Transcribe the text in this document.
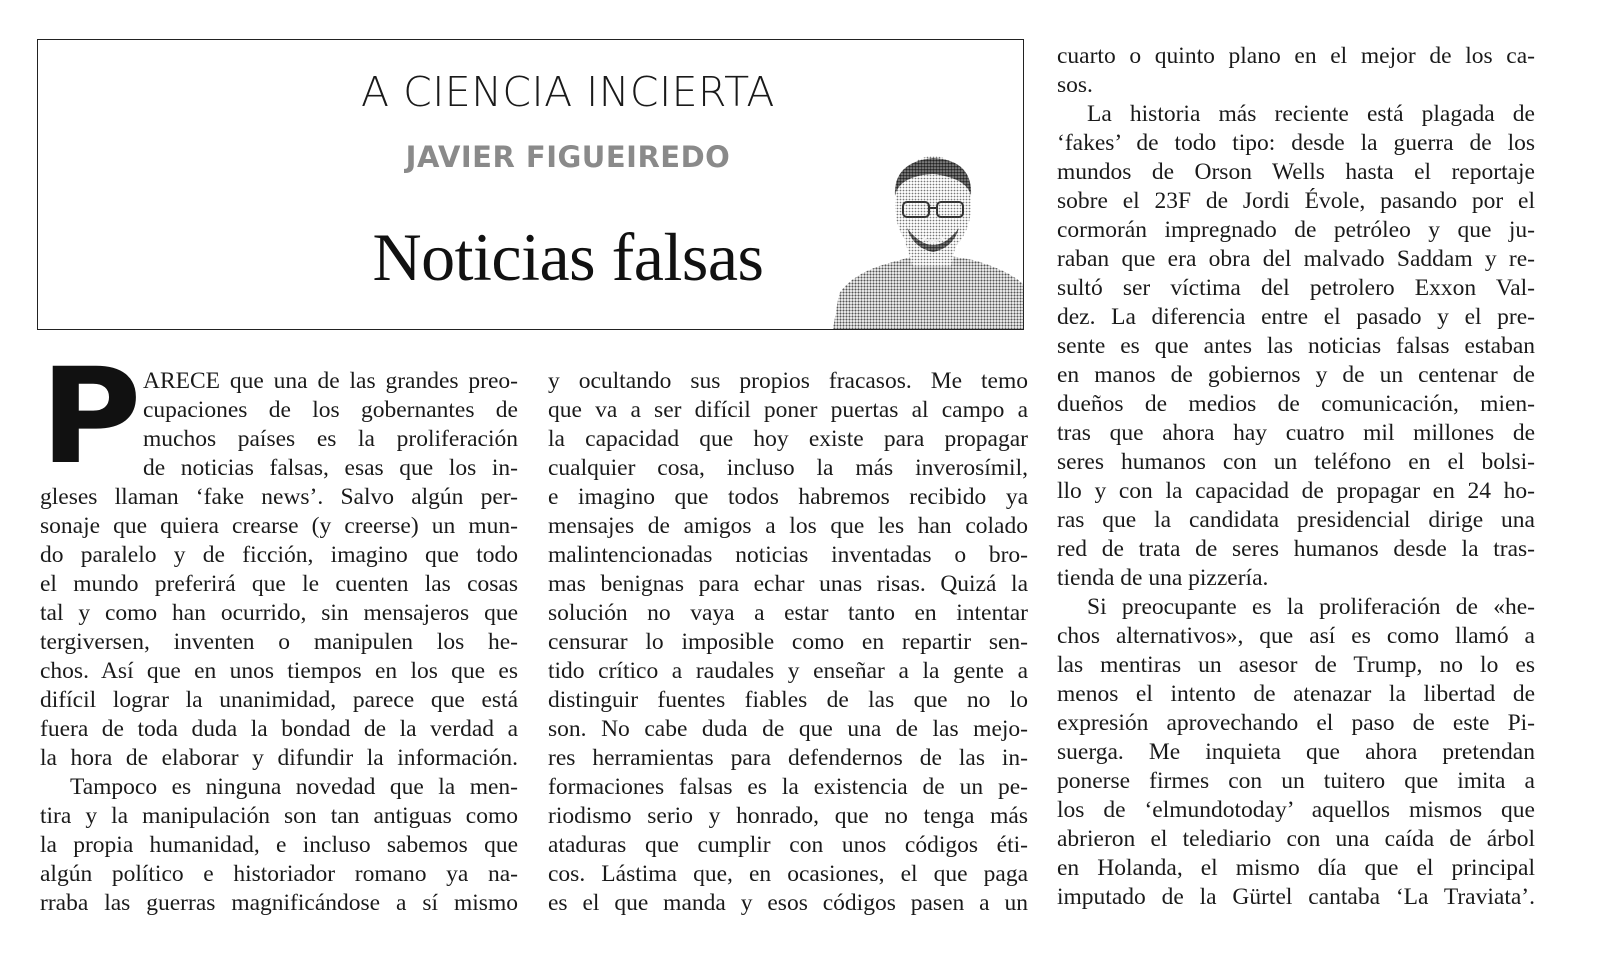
A CIENCIA INCIERTA
JAVIER FIGUEIREDO
Noticias falsas
P ARECE que una de las grandes preo-
cupaciones de los gobernantes de
muchos países es la proliferación
de noticias falsas, esas que los in-
gleses llaman ‘fake news’. Salvo algún per-
sonaje que quiera crearse (y creerse) un mun-
do paralelo y de ficción, imagino que todo
el mundo preferirá que le cuenten las cosas
tal y como han ocurrido, sin mensajeros que
tergiversen, inventen o manipulen los he-
chos. Así que en unos tiempos en los que es
difícil lograr la unanimidad, parece que está
fuera de toda duda la bondad de la verdad a
la hora de elaborar y difundir la información.
Tampoco es ninguna novedad que la men-
tira y la manipulación son tan antiguas como
la propia humanidad, e incluso sabemos que
algún político e historiador romano ya na-
rraba las guerras magnificándose a sí mismo
y ocultando sus propios fracasos. Me temo
que va a ser difícil poner puertas al campo a
la capacidad que hoy existe para propagar
cualquier cosa, incluso la más inverosímil,
e imagino que todos habremos recibido ya
mensajes de amigos a los que les han colado
malintencionadas noticias inventadas o bro-
mas benignas para echar unas risas. Quizá la
solución no vaya a estar tanto en intentar
censurar lo imposible como en repartir sen-
tido crítico a raudales y enseñar a la gente a
distinguir fuentes fiables de las que no lo
son. No cabe duda de que una de las mejo-
res herramientas para defendernos de las in-
formaciones falsas es la existencia de un pe-
riodismo serio y honrado, que no tenga más
ataduras que cumplir con unos códigos éti-
cos. Lástima que, en ocasiones, el que paga
es el que manda y esos códigos pasen a un
cuarto o quinto plano en el mejor de los ca-
sos.
La historia más reciente está plagada de
‘fakes’ de todo tipo: desde la guerra de los
mundos de Orson Wells hasta el reportaje
sobre el 23F de Jordi Évole, pasando por el
cormorán impregnado de petróleo y que ju-
raban que era obra del malvado Saddam y re-
sultó ser víctima del petrolero Exxon Val-
dez. La diferencia entre el pasado y el pre-
sente es que antes las noticias falsas estaban
en manos de gobiernos y de un centenar de
dueños de medios de comunicación, mien-
tras que ahora hay cuatro mil millones de
seres humanos con un teléfono en el bolsi-
llo y con la capacidad de propagar en 24 ho-
ras que la candidata presidencial dirige una
red de trata de seres humanos desde la tras-
tienda de una pizzería.
Si preocupante es la proliferación de «he-
chos alternativos», que así es como llamó a
las mentiras un asesor de Trump, no lo es
menos el intento de atenazar la libertad de
expresión aprovechando el paso de este Pi-
suerga. Me inquieta que ahora pretendan
ponerse firmes con un tuitero que imita a
los de ‘elmundotoday’ aquellos mismos que
abrieron el telediario con una caída de árbol
en Holanda, el mismo día que el principal
imputado de la Gürtel cantaba ‘La Traviata’.
